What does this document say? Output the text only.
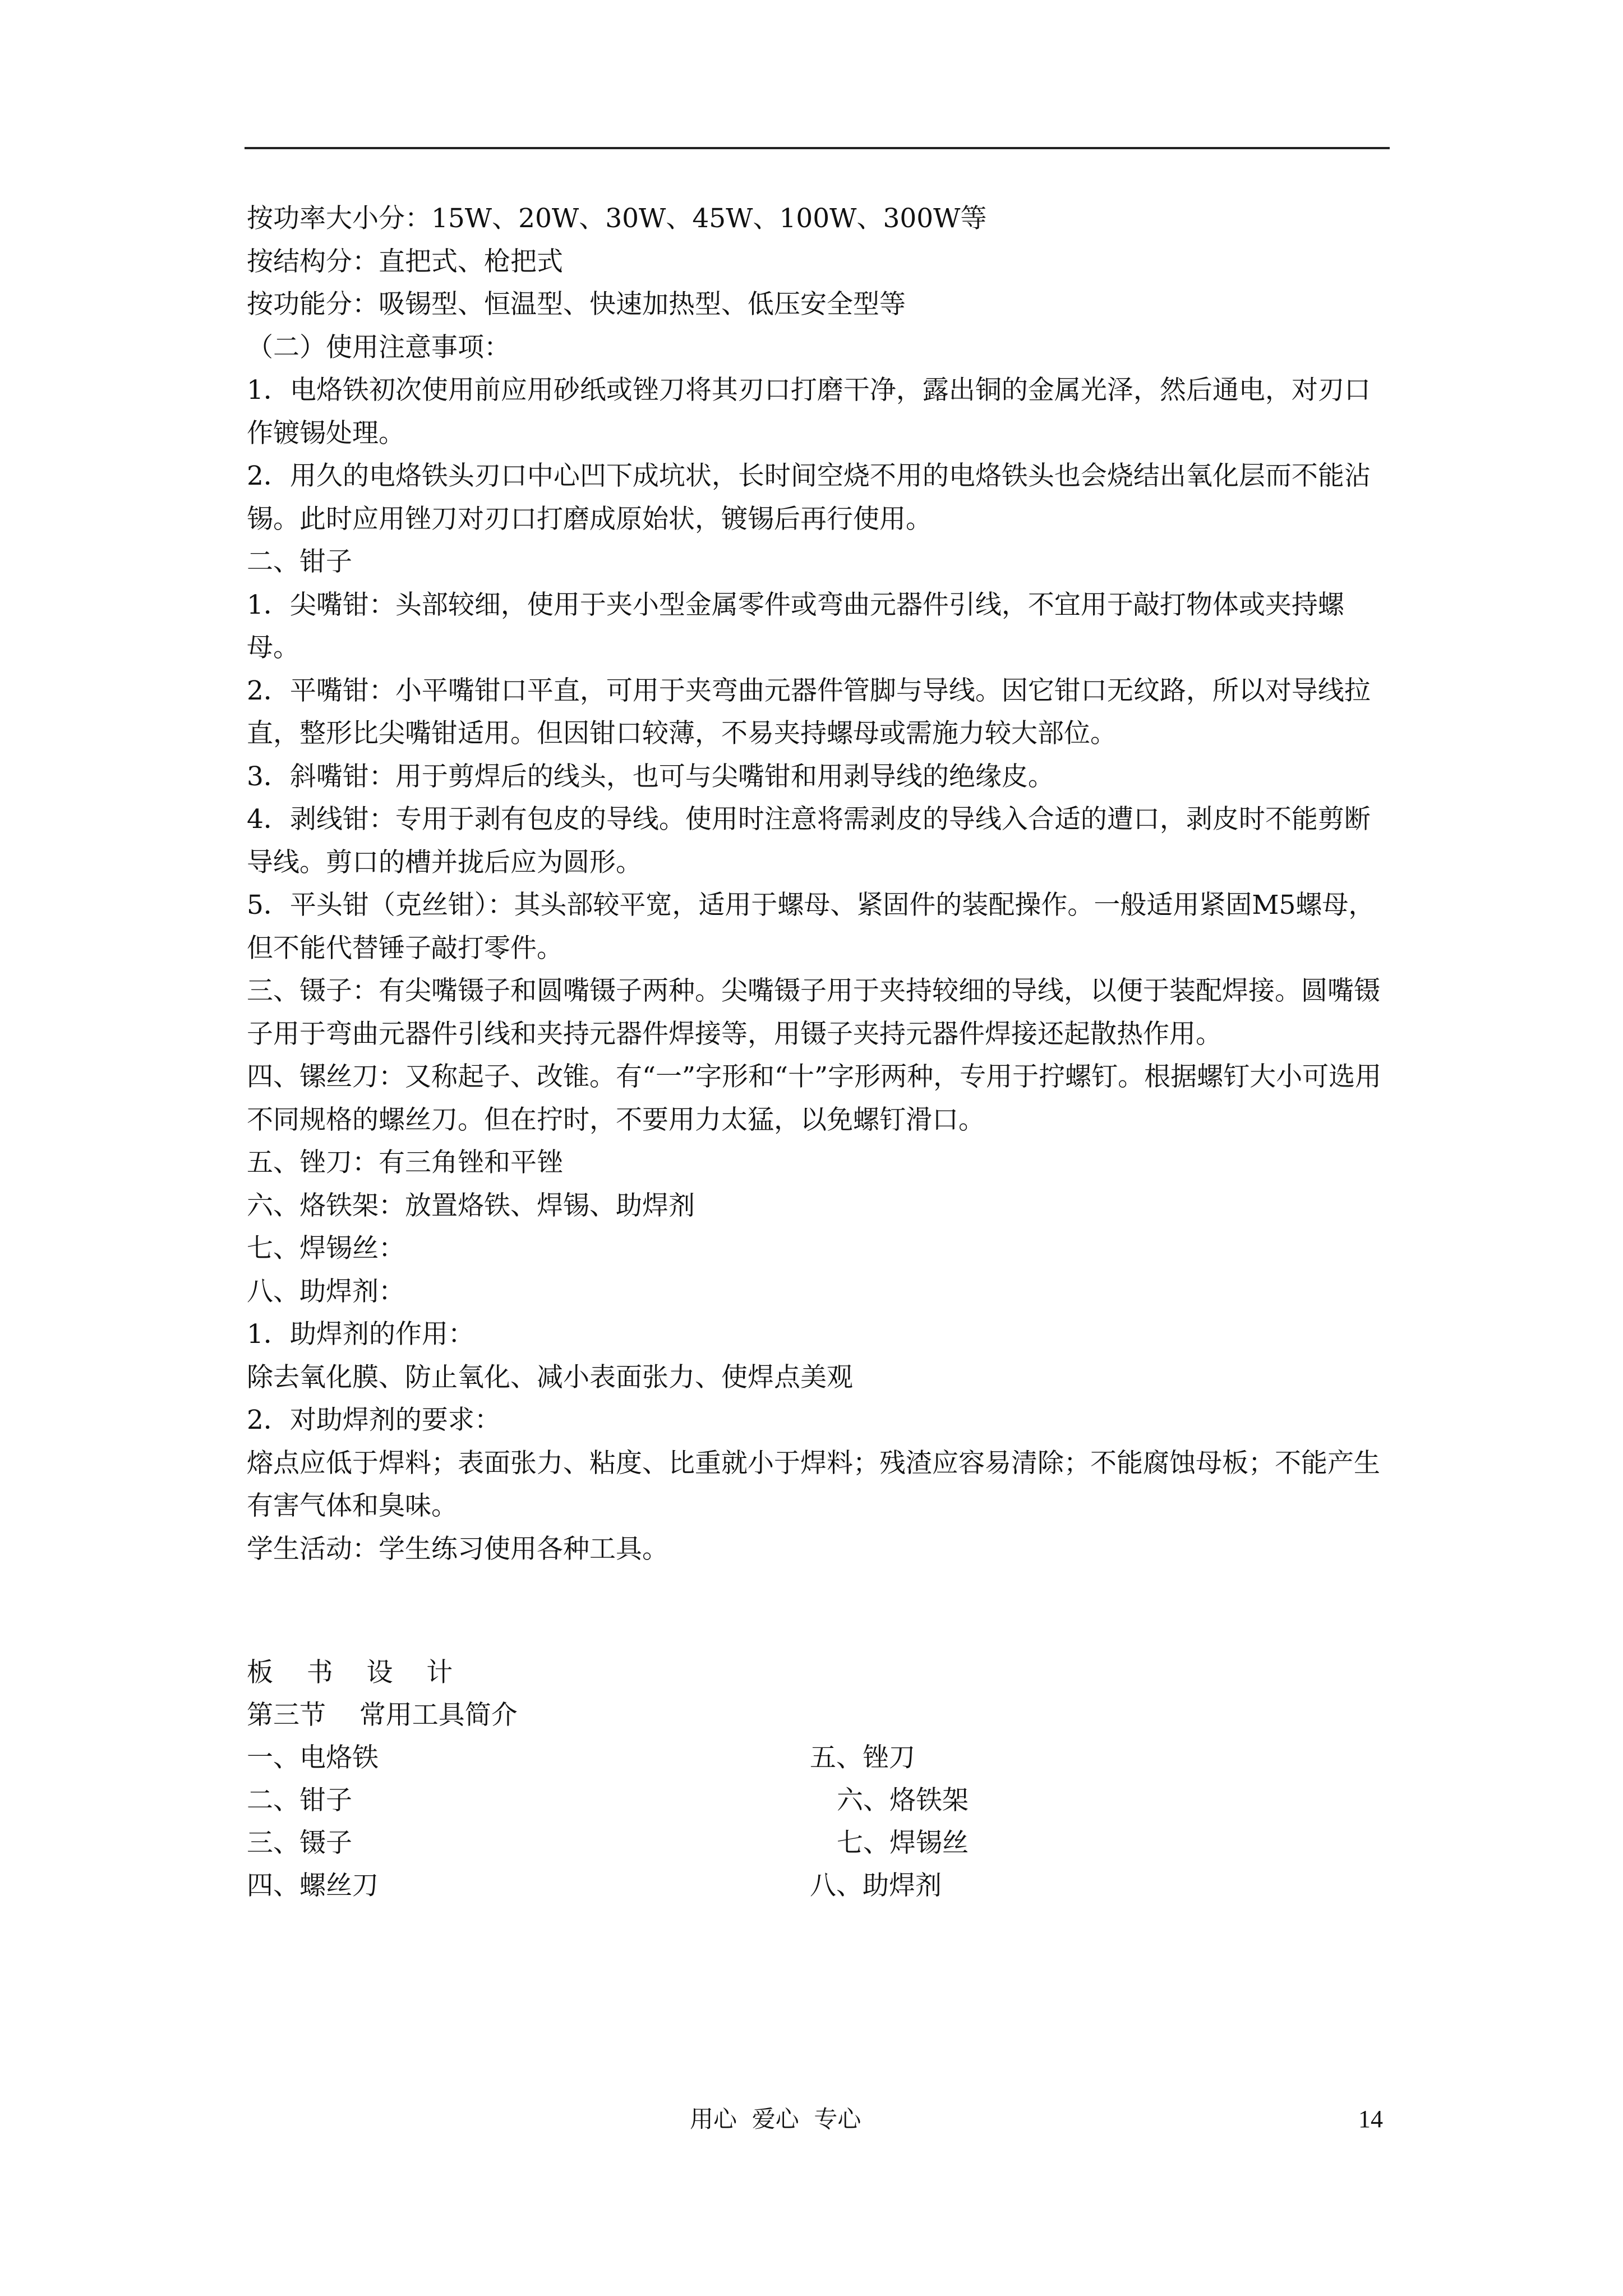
按功率大小分：15W、20W、30W、45W、100W、300W等

按结构分：直把式、枪把式

按功能分：吸锡型、恒温型、快速加热型、低压安全型等

（二）使用注意事项：

1．电烙铁初次使用前应用砂纸或锉刀将其刃口打磨干净，露出铜的金属光泽，然后通电，对刃口作镀锡处理。

2．用久的电烙铁头刃口中心凹下成坑状，长时间空烧不用的电烙铁头也会烧结出氧化层而不能沾锡。此时应用锉刀对刃口打磨成原始状，镀锡后再行使用。

二、钳子

1．尖嘴钳：头部较细，使用于夹小型金属零件或弯曲元器件引线，不宜用于敲打物体或夹持螺母。

2．平嘴钳：小平嘴钳口平直，可用于夹弯曲元器件管脚与导线。因它钳口无纹路，所以对导线拉直，整形比尖嘴钳适用。但因钳口较薄，不易夹持螺母或需施力较大部位。

3．斜嘴钳：用于剪焊后的线头，也可与尖嘴钳和用剥导线的绝缘皮。

4．剥线钳：专用于剥有包皮的导线。使用时注意将需剥皮的导线入合适的遭口，剥皮时不能剪断导线。剪口的槽并拢后应为圆形。

5．平头钳（克丝钳）：其头部较平宽，适用于螺母、紧固件的装配操作。一般适用紧固M5螺母，但不能代替锤子敲打零件。

三、镊子：有尖嘴镊子和圆嘴镊子两种。尖嘴镊子用于夹持较细的导线，以便于装配焊接。圆嘴镊子用于弯曲元器件引线和夹持元器件焊接等，用镊子夹持元器件焊接还起散热作用。

四、镙丝刀：又称起子、改锥。有“一”字形和“十”字形两种，专用于拧螺钉。根据螺钉大小可选用不同规格的螺丝刀。但在拧时，不要用力太猛，以免螺钉滑口。

五、锉刀：有三角锉和平锉

六、烙铁架：放置烙铁、焊锡、助焊剂

七、焊锡丝：

八、助焊剂：

1．助焊剂的作用：

除去氧化膜、防止氧化、减小表面张力、使焊点美观

2．对助焊剂的要求：

熔点应低于焊料；表面张力、粘度、比重就小于焊料；残渣应容易清除；不能腐蚀母板；不能产生有害气体和臭味。

学生活动：学生练习使用各种工具。

板    书    设    计
第三节    常用工具简介
一、电烙铁	五、锉刀
二、钳子	六、烙铁架
三、镊子	七、焊锡丝
四、螺丝刀	八、助焊剂
用心  爱心  专心	14
